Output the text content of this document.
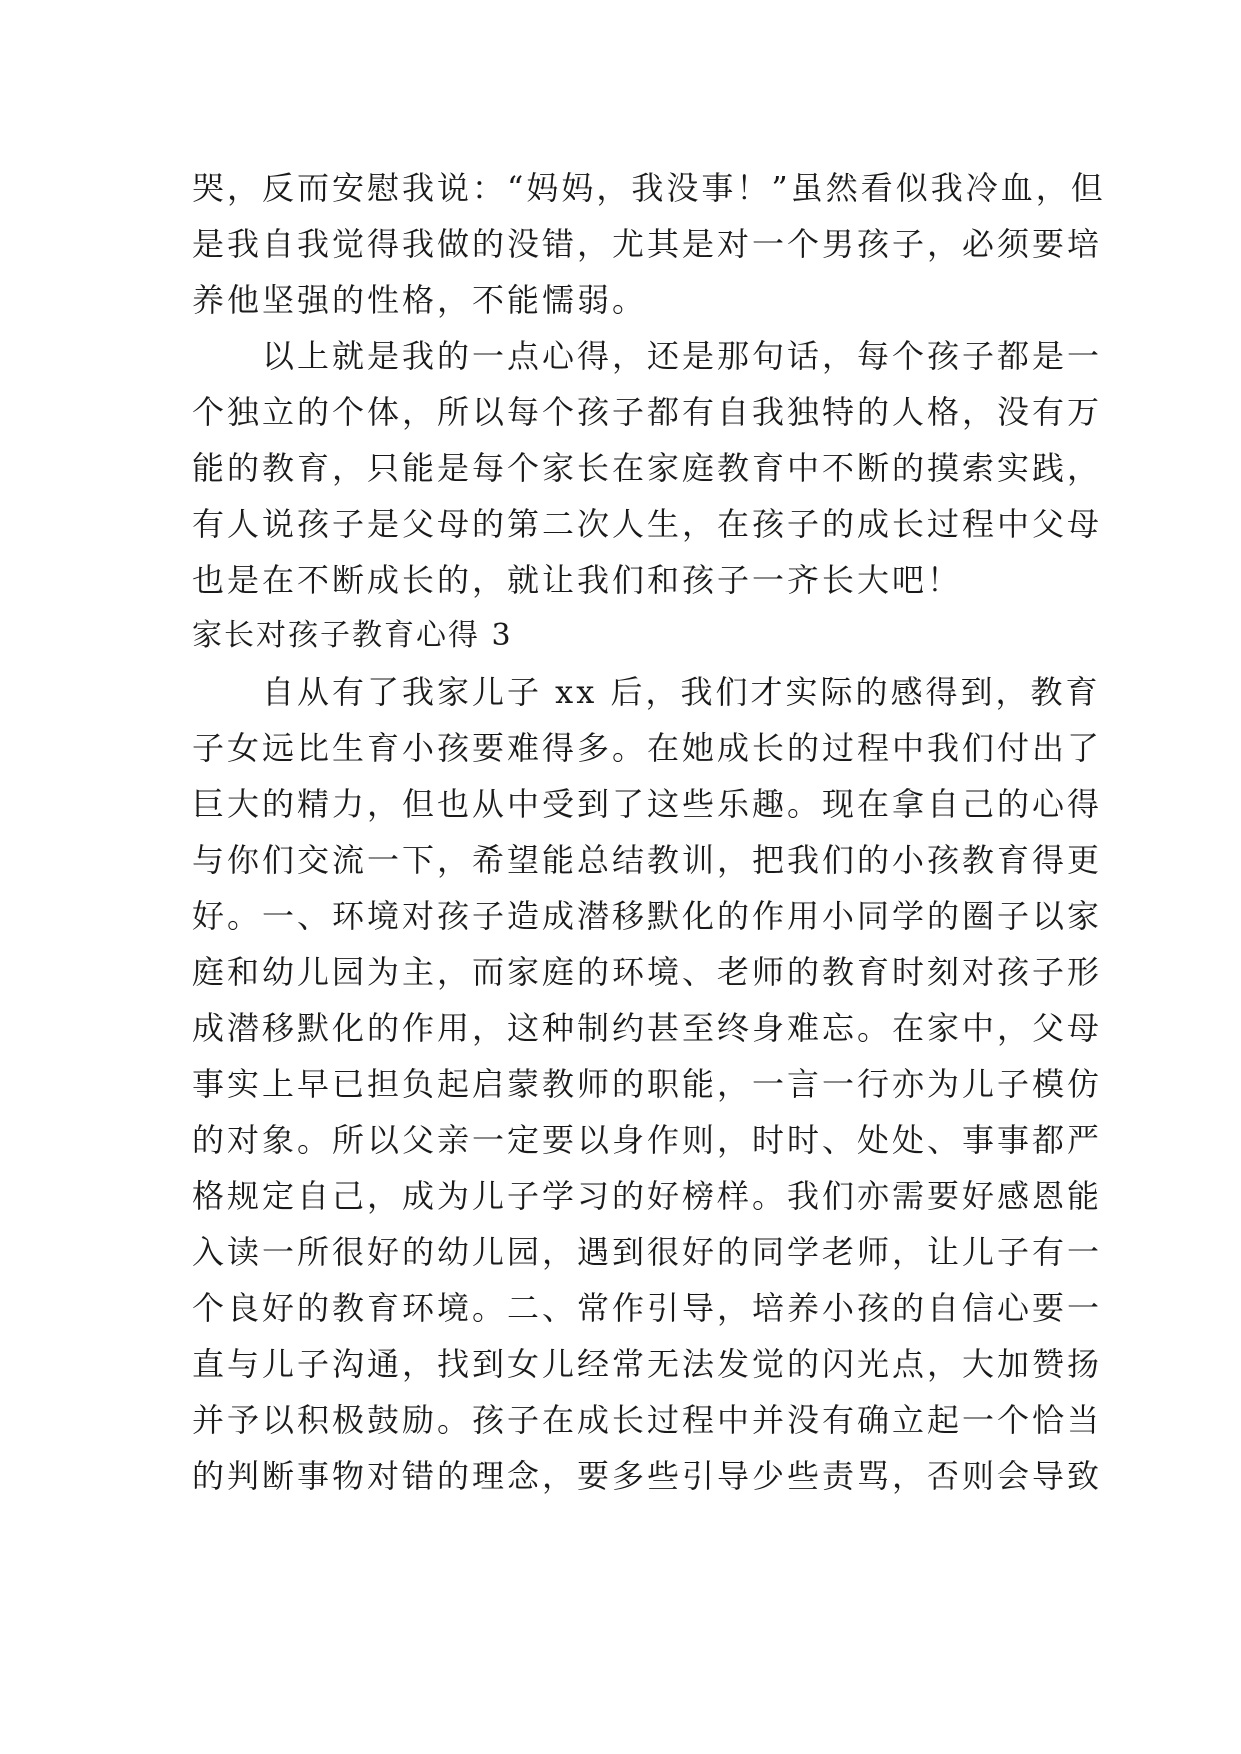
哭，反而安慰我说：“妈妈，我没事！”虽然看似我冷血，但
是我自我觉得我做的没错，尤其是对一个男孩子，必须要培
养他坚强的性格，不能懦弱。
以上就是我的一点心得，还是那句话，每个孩子都是一
个独立的个体，所以每个孩子都有自我独特的人格，没有万
能的教育，只能是每个家长在家庭教育中不断的摸索实践，
有人说孩子是父母的第二次人生，在孩子的成长过程中父母
也是在不断成长的，就让我们和孩子一齐长大吧！
家长对孩子教育心得 3
自从有了我家儿子 xx 后，我们才实际的感得到，教育
子女远比生育小孩要难得多。在她成长的过程中我们付出了
巨大的精力，但也从中受到了这些乐趣。现在拿自己的心得
与你们交流一下，希望能总结教训，把我们的小孩教育得更
好。一、环境对孩子造成潜移默化的作用小同学的圈子以家
庭和幼儿园为主，而家庭的环境、老师的教育时刻对孩子形
成潜移默化的作用，这种制约甚至终身难忘。在家中，父母
事实上早已担负起启蒙教师的职能，一言一行亦为儿子模仿
的对象。所以父亲一定要以身作则，时时、处处、事事都严
格规定自己，成为儿子学习的好榜样。我们亦需要好感恩能
入读一所很好的幼儿园，遇到很好的同学老师，让儿子有一
个良好的教育环境。二、常作引导，培养小孩的自信心要一
直与儿子沟通，找到女儿经常无法发觉的闪光点，大加赞扬
并予以积极鼓励。孩子在成长过程中并没有确立起一个恰当
的判断事物对错的理念，要多些引导少些责骂，否则会导致
